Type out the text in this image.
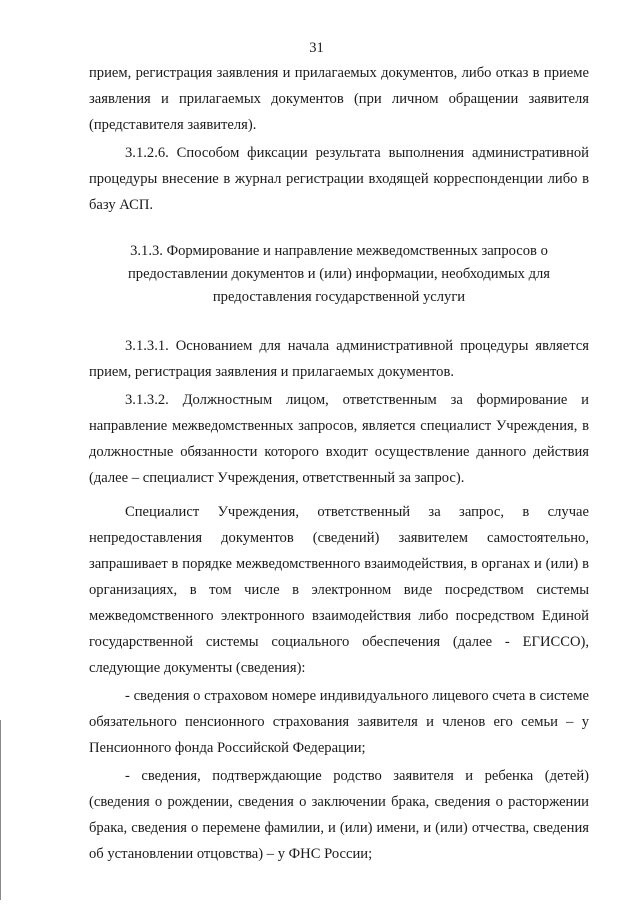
31

прием, регистрация заявления и прилагаемых документов, либо отказ в приеме заявления и прилагаемых документов (при личном обращении заявителя (представителя заявителя).

3.1.2.6. Способом фиксации результата выполнения административной процедуры внесение в журнал регистрации входящей корреспонденции либо в базу АСП.

3.1.3. Формирование и направление межведомственных запросов о предоставлении документов и (или) информации, необходимых для предоставления государственной услуги

3.1.3.1. Основанием для начала административной процедуры является прием, регистрация заявления и прилагаемых документов.

3.1.3.2. Должностным лицом, ответственным за формирование и направление межведомственных запросов, является специалист Учреждения, в должностные обязанности которого входит осуществление данного действия (далее – специалист Учреждения, ответственный за запрос).

Специалист Учреждения, ответственный за запрос, в случае непредоставления документов (сведений) заявителем самостоятельно, запрашивает в порядке межведомственного взаимодействия, в органах и (или) в организациях, в том числе в электронном виде посредством системы межведомственного электронного взаимодействия либо посредством Единой государственной системы социального обеспечения (далее - ЕГИССО), следующие документы (сведения):

- сведения о страховом номере индивидуального лицевого счета в системе обязательного пенсионного страхования заявителя и членов его семьи – у Пенсионного фонда Российской Федерации;

- сведения, подтверждающие родство заявителя и ребенка (детей) (сведения о рождении, сведения о заключении брака, сведения о расторжении брака, сведения о перемене фамилии, и (или) имени, и (или) отчества, сведения об установлении отцовства) – у ФНС России;
